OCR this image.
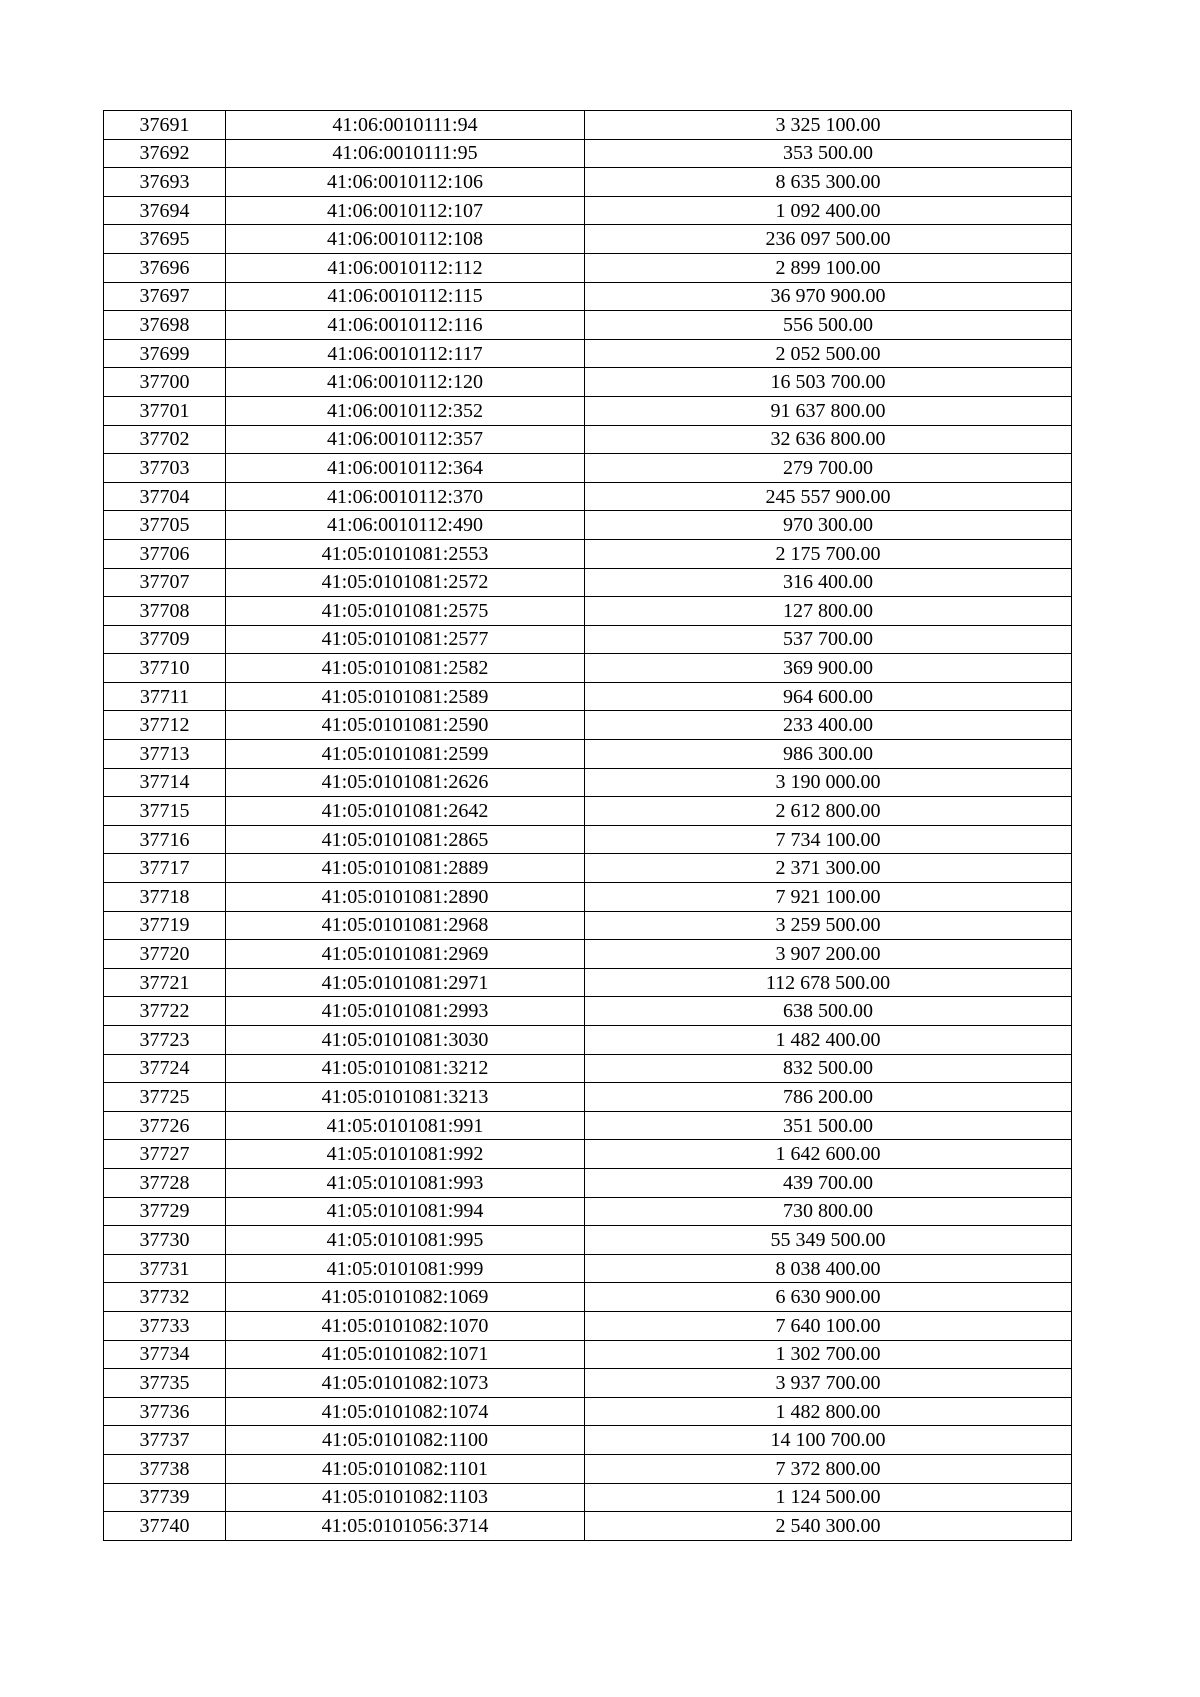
37691	41:06:0010111:94	3 325 100.00
37692	41:06:0010111:95	353 500.00
37693	41:06:0010112:106	8 635 300.00
37694	41:06:0010112:107	1 092 400.00
37695	41:06:0010112:108	236 097 500.00
37696	41:06:0010112:112	2 899 100.00
37697	41:06:0010112:115	36 970 900.00
37698	41:06:0010112:116	556 500.00
37699	41:06:0010112:117	2 052 500.00
37700	41:06:0010112:120	16 503 700.00
37701	41:06:0010112:352	91 637 800.00
37702	41:06:0010112:357	32 636 800.00
37703	41:06:0010112:364	279 700.00
37704	41:06:0010112:370	245 557 900.00
37705	41:06:0010112:490	970 300.00
37706	41:05:0101081:2553	2 175 700.00
37707	41:05:0101081:2572	316 400.00
37708	41:05:0101081:2575	127 800.00
37709	41:05:0101081:2577	537 700.00
37710	41:05:0101081:2582	369 900.00
37711	41:05:0101081:2589	964 600.00
37712	41:05:0101081:2590	233 400.00
37713	41:05:0101081:2599	986 300.00
37714	41:05:0101081:2626	3 190 000.00
37715	41:05:0101081:2642	2 612 800.00
37716	41:05:0101081:2865	7 734 100.00
37717	41:05:0101081:2889	2 371 300.00
37718	41:05:0101081:2890	7 921 100.00
37719	41:05:0101081:2968	3 259 500.00
37720	41:05:0101081:2969	3 907 200.00
37721	41:05:0101081:2971	112 678 500.00
37722	41:05:0101081:2993	638 500.00
37723	41:05:0101081:3030	1 482 400.00
37724	41:05:0101081:3212	832 500.00
37725	41:05:0101081:3213	786 200.00
37726	41:05:0101081:991	351 500.00
37727	41:05:0101081:992	1 642 600.00
37728	41:05:0101081:993	439 700.00
37729	41:05:0101081:994	730 800.00
37730	41:05:0101081:995	55 349 500.00
37731	41:05:0101081:999	8 038 400.00
37732	41:05:0101082:1069	6 630 900.00
37733	41:05:0101082:1070	7 640 100.00
37734	41:05:0101082:1071	1 302 700.00
37735	41:05:0101082:1073	3 937 700.00
37736	41:05:0101082:1074	1 482 800.00
37737	41:05:0101082:1100	14 100 700.00
37738	41:05:0101082:1101	7 372 800.00
37739	41:05:0101082:1103	1 124 500.00
37740	41:05:0101056:3714	2 540 300.00
